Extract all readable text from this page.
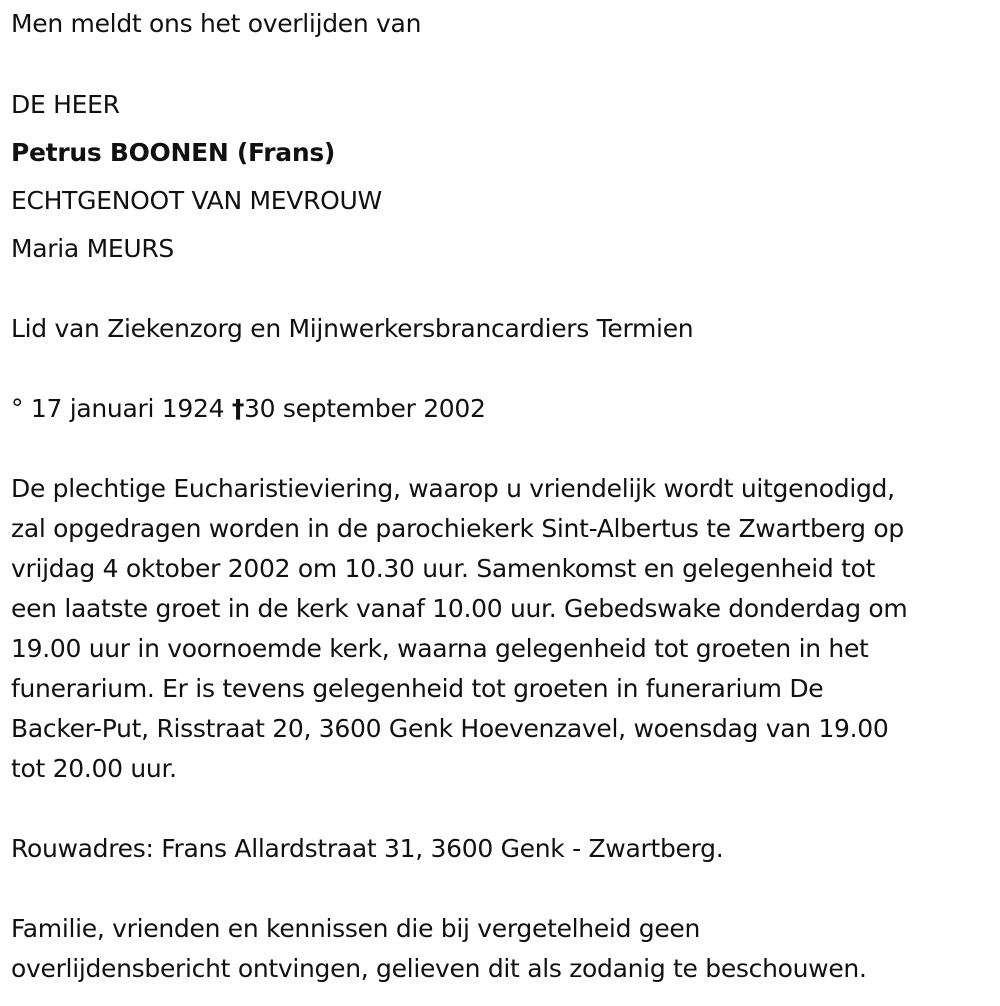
Men meldt ons het overlijden van
DE HEER
Petrus BOONEN (Frans)
ECHTGENOOT VAN MEVROUW
Maria MEURS
Lid van Ziekenzorg en Mijnwerkersbrancardiers Termien
° 17 januari 1924 †30 september 2002
De plechtige Eucharistieviering, waarop u vriendelijk wordt uitgenodigd,
zal opgedragen worden in de parochiekerk Sint-Albertus te Zwartberg op
vrijdag 4 oktober 2002 om 10.30 uur. Samenkomst en gelegenheid tot
een laatste groet in de kerk vanaf 10.00 uur. Gebedswake donderdag om
19.00 uur in voornoemde kerk, waarna gelegenheid tot groeten in het
funerarium. Er is tevens gelegenheid tot groeten in funerarium De
Backer-Put, Risstraat 20, 3600 Genk Hoevenzavel, woensdag van 19.00
tot 20.00 uur.
Rouwadres: Frans Allardstraat 31, 3600 Genk - Zwartberg.
Familie, vrienden en kennissen die bij vergetelheid geen
overlijdensbericht ontvingen, gelieven dit als zodanig te beschouwen.
